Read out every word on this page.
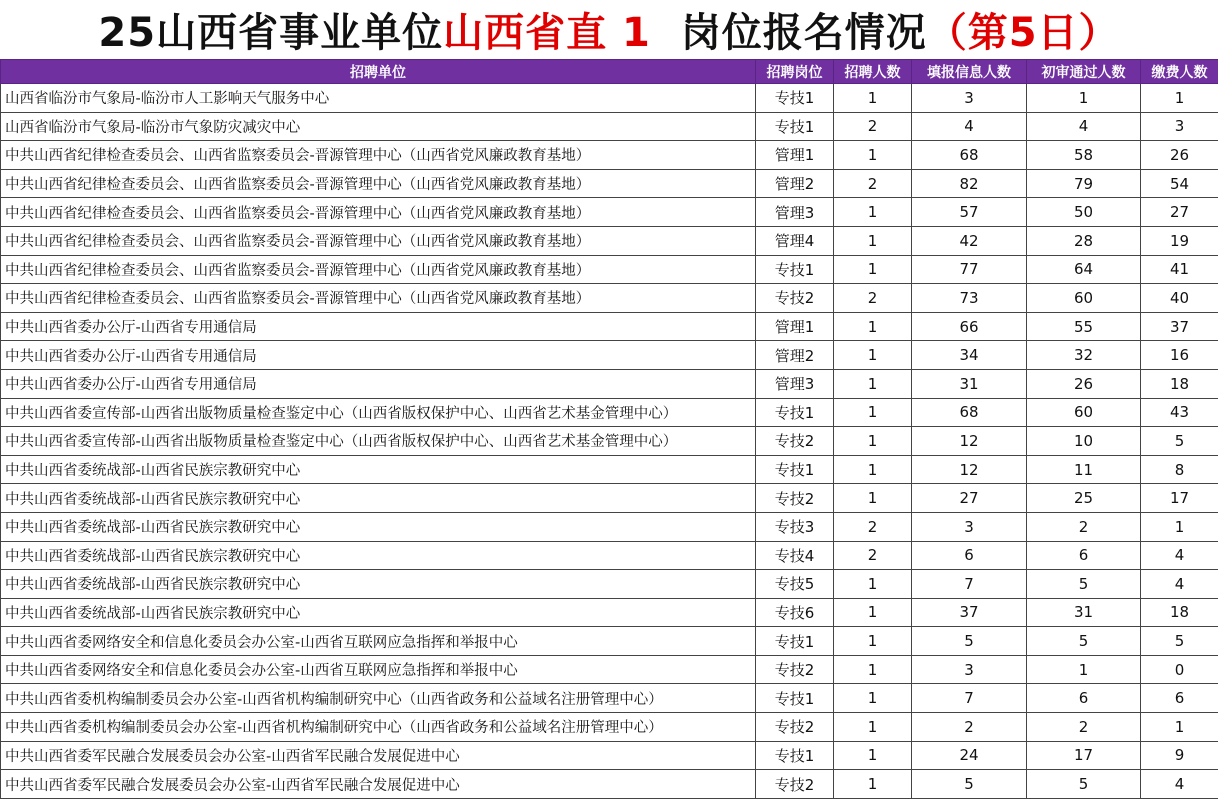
25山西省事业单位 山西省直 1 岗位报名情况 （第5日）
招聘单位	招聘岗位	招聘人数	填报信息人数	初审通过人数	缴费人数
山西省临汾市气象局-临汾市人工影响天气服务中心	专技1	1	3	1	1
山西省临汾市气象局-临汾市气象防灾减灾中心	专技1	2	4	4	3
中共山西省纪律检查委员会、山西省监察委员会-晋源管理中心（山西省党风廉政教育基地）	管理1	1	68	58	26
中共山西省纪律检查委员会、山西省监察委员会-晋源管理中心（山西省党风廉政教育基地）	管理2	2	82	79	54
中共山西省纪律检查委员会、山西省监察委员会-晋源管理中心（山西省党风廉政教育基地）	管理3	1	57	50	27
中共山西省纪律检查委员会、山西省监察委员会-晋源管理中心（山西省党风廉政教育基地）	管理4	1	42	28	19
中共山西省纪律检查委员会、山西省监察委员会-晋源管理中心（山西省党风廉政教育基地）	专技1	1	77	64	41
中共山西省纪律检查委员会、山西省监察委员会-晋源管理中心（山西省党风廉政教育基地）	专技2	2	73	60	40
中共山西省委办公厅-山西省专用通信局	管理1	1	66	55	37
中共山西省委办公厅-山西省专用通信局	管理2	1	34	32	16
中共山西省委办公厅-山西省专用通信局	管理3	1	31	26	18
中共山西省委宣传部-山西省出版物质量检查鉴定中心（山西省版权保护中心、山西省艺术基金管理中心）	专技1	1	68	60	43
中共山西省委宣传部-山西省出版物质量检查鉴定中心（山西省版权保护中心、山西省艺术基金管理中心）	专技2	1	12	10	5
中共山西省委统战部-山西省民族宗教研究中心	专技1	1	12	11	8
中共山西省委统战部-山西省民族宗教研究中心	专技2	1	27	25	17
中共山西省委统战部-山西省民族宗教研究中心	专技3	2	3	2	1
中共山西省委统战部-山西省民族宗教研究中心	专技4	2	6	6	4
中共山西省委统战部-山西省民族宗教研究中心	专技5	1	7	5	4
中共山西省委统战部-山西省民族宗教研究中心	专技6	1	37	31	18
中共山西省委网络安全和信息化委员会办公室-山西省互联网应急指挥和举报中心	专技1	1	5	5	5
中共山西省委网络安全和信息化委员会办公室-山西省互联网应急指挥和举报中心	专技2	1	3	1	0
中共山西省委机构编制委员会办公室-山西省机构编制研究中心（山西省政务和公益域名注册管理中心）	专技1	1	7	6	6
中共山西省委机构编制委员会办公室-山西省机构编制研究中心（山西省政务和公益域名注册管理中心）	专技2	1	2	2	1
中共山西省委军民融合发展委员会办公室-山西省军民融合发展促进中心	专技1	1	24	17	9
中共山西省委军民融合发展委员会办公室-山西省军民融合发展促进中心	专技2	1	5	5	4
